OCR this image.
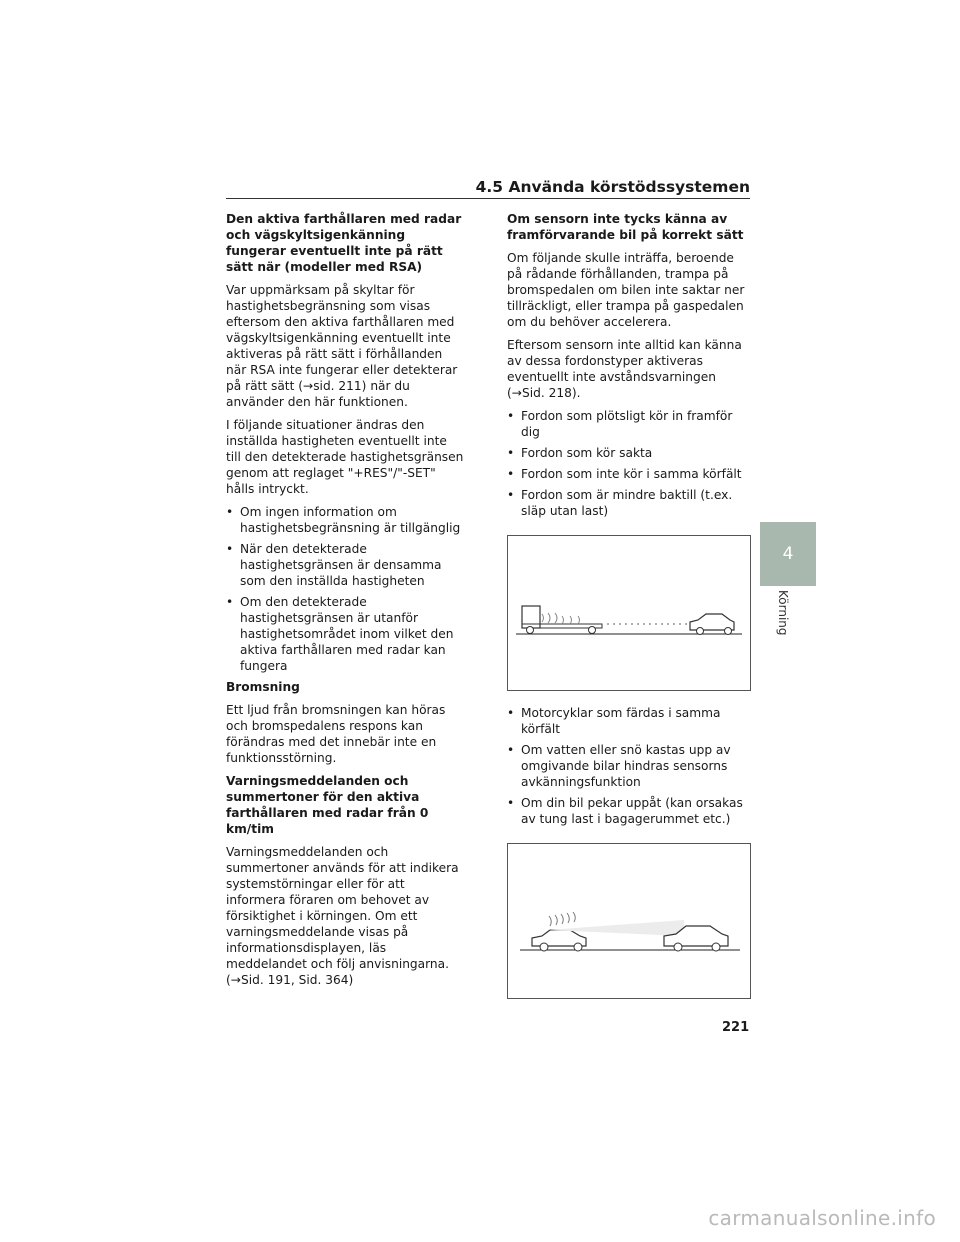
4.5 Använda körstödssystemen
Den aktiva farthållaren med radar och vägskyltsigenkänning fungerar eventuellt inte på rätt sätt när (modeller med RSA)

Var uppmärksam på skyltar för hastighetsbegränsning som visas eftersom den aktiva farthållaren med vägskyltsigenkänning eventuellt inte aktiveras på rätt sätt i förhållanden när RSA inte fungerar eller detekterar på rätt sätt (→sid. 211) när du använder den här funktionen.

I följande situationer ändras den inställda hastigheten eventuellt inte till den detekterade hastighetsgränsen genom att reglaget "+RES"/"-SET" hålls intryckt.

• Om ingen information om hastighetsbegränsning är tillgänglig
• När den detekterade hastighetsgränsen är densamma som den inställda hastigheten
• Om den detekterade hastighetsgränsen är utanför hastighetsområdet inom vilket den aktiva farthållaren med radar kan fungera
Bromsning

Ett ljud från bromsningen kan höras och bromspedalens respons kan förändras med det innebär inte en funktionsstörning.

Varningsmeddelanden och summertoner för den aktiva farthållaren med radar från 0 km/tim

Varningsmeddelanden och summertoner används för att indikera systemstörningar eller för att informera föraren om behovet av försiktighet i körningen. Om ett varningsmeddelande visas på informationsdisplayen, läs meddelandet och följ anvisningarna. (→Sid. 191, Sid. 364)

Om sensorn inte tycks känna av framförvarande bil på korrekt sätt

Om följande skulle inträffa, beroende på rådande förhållanden, trampa på bromspedalen om bilen inte saktar ner tillräckligt, eller trampa på gaspedalen om du behöver accelerera.

Eftersom sensorn inte alltid kan känna av dessa fordonstyper aktiveras eventuellt inte avståndsvarningen (→Sid. 218).

• Fordon som plötsligt kör in framför dig
• Fordon som kör sakta
• Fordon som inte kör i samma körfält
• Fordon som är mindre baktill (t.ex. släp utan last)
• Motorcyklar som färdas i samma körfält
• Om vatten eller snö kastas upp av omgivande bilar hindras sensorns avkänningsfunktion
• Om din bil pekar uppåt (kan orsakas av tung last i bagagerummet etc.)
4
Körning
221
carmanualsonline.info
